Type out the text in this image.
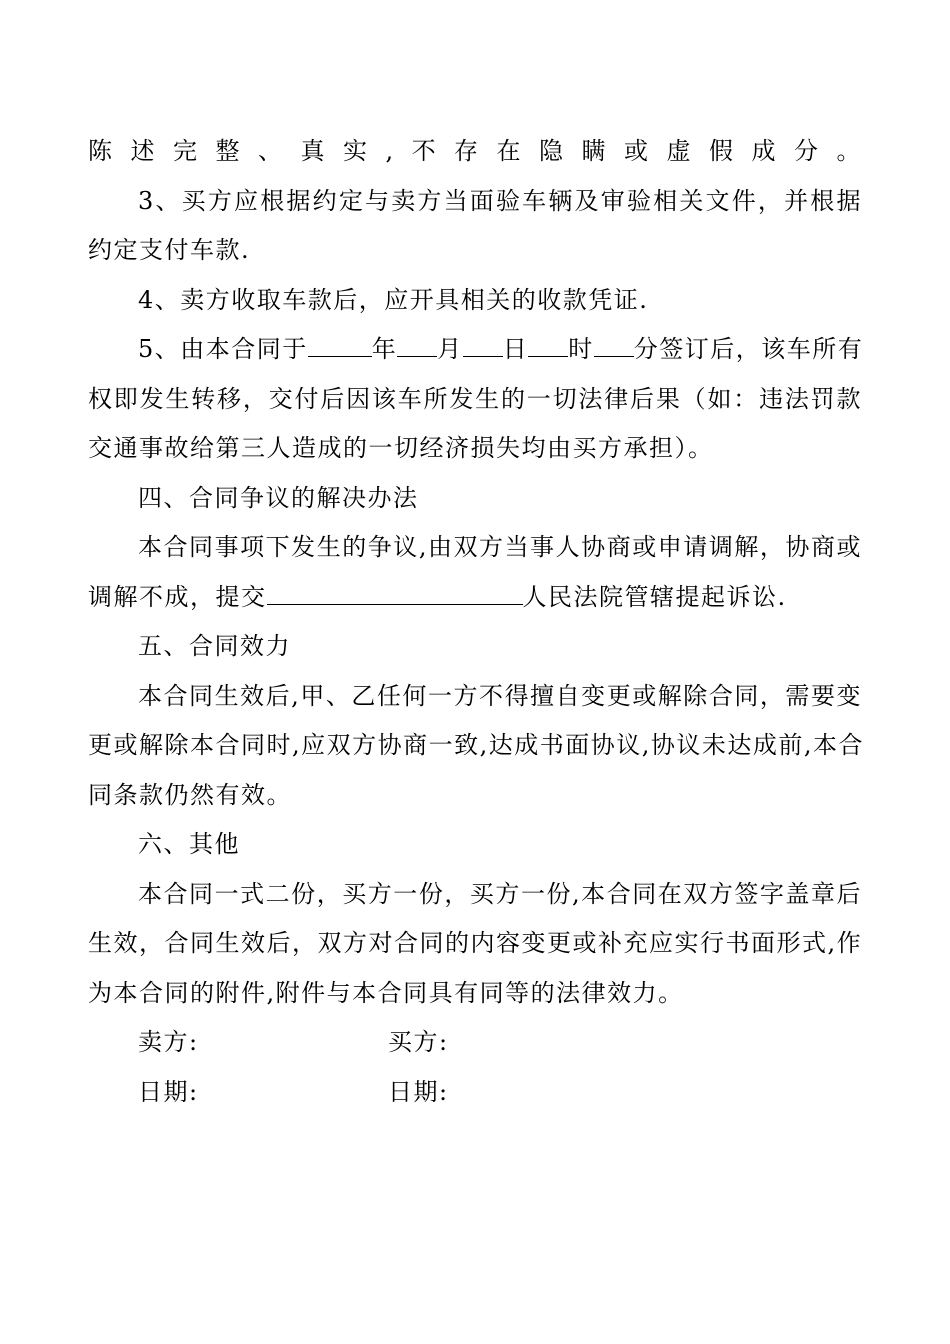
陈述完整、真实,不存在隐瞒或虚假成分。
3、买方应根据约定与卖方当面验车辆及审验相关文件，并根据
约定支付车款.
4、卖方收取车款后，应开具相关的收款凭证.
5、由本合同于	年 月 日 时 分签订后，该车所有
权即发生转移，交付后因该车所发生的一切法律后果（如：违法罚款
交通事故给第三人造成的一切经济损失均由买方承担）。
四、合同争议的解决办法
本合同事项下发生的争议,由双方当事人协商或申请调解，协商或
调解不成，提交	人民法院管辖提起诉讼.
五、合同效力
本合同生效后,甲、乙任何一方不得擅自变更或解除合同，需要变
更或解除本合同时,应双方协商一致,达成书面协议,协议未达成前,本合
同条款仍然有效。
六、其他
本合同一式二份，买方一份，买方一份,本合同在双方签字盖章后
生效，合同生效后，双方对合同的内容变更或补充应实行书面形式,作
为本合同的附件,附件与本合同具有同等的法律效力。
卖方:	买方:
日期:	日期:
